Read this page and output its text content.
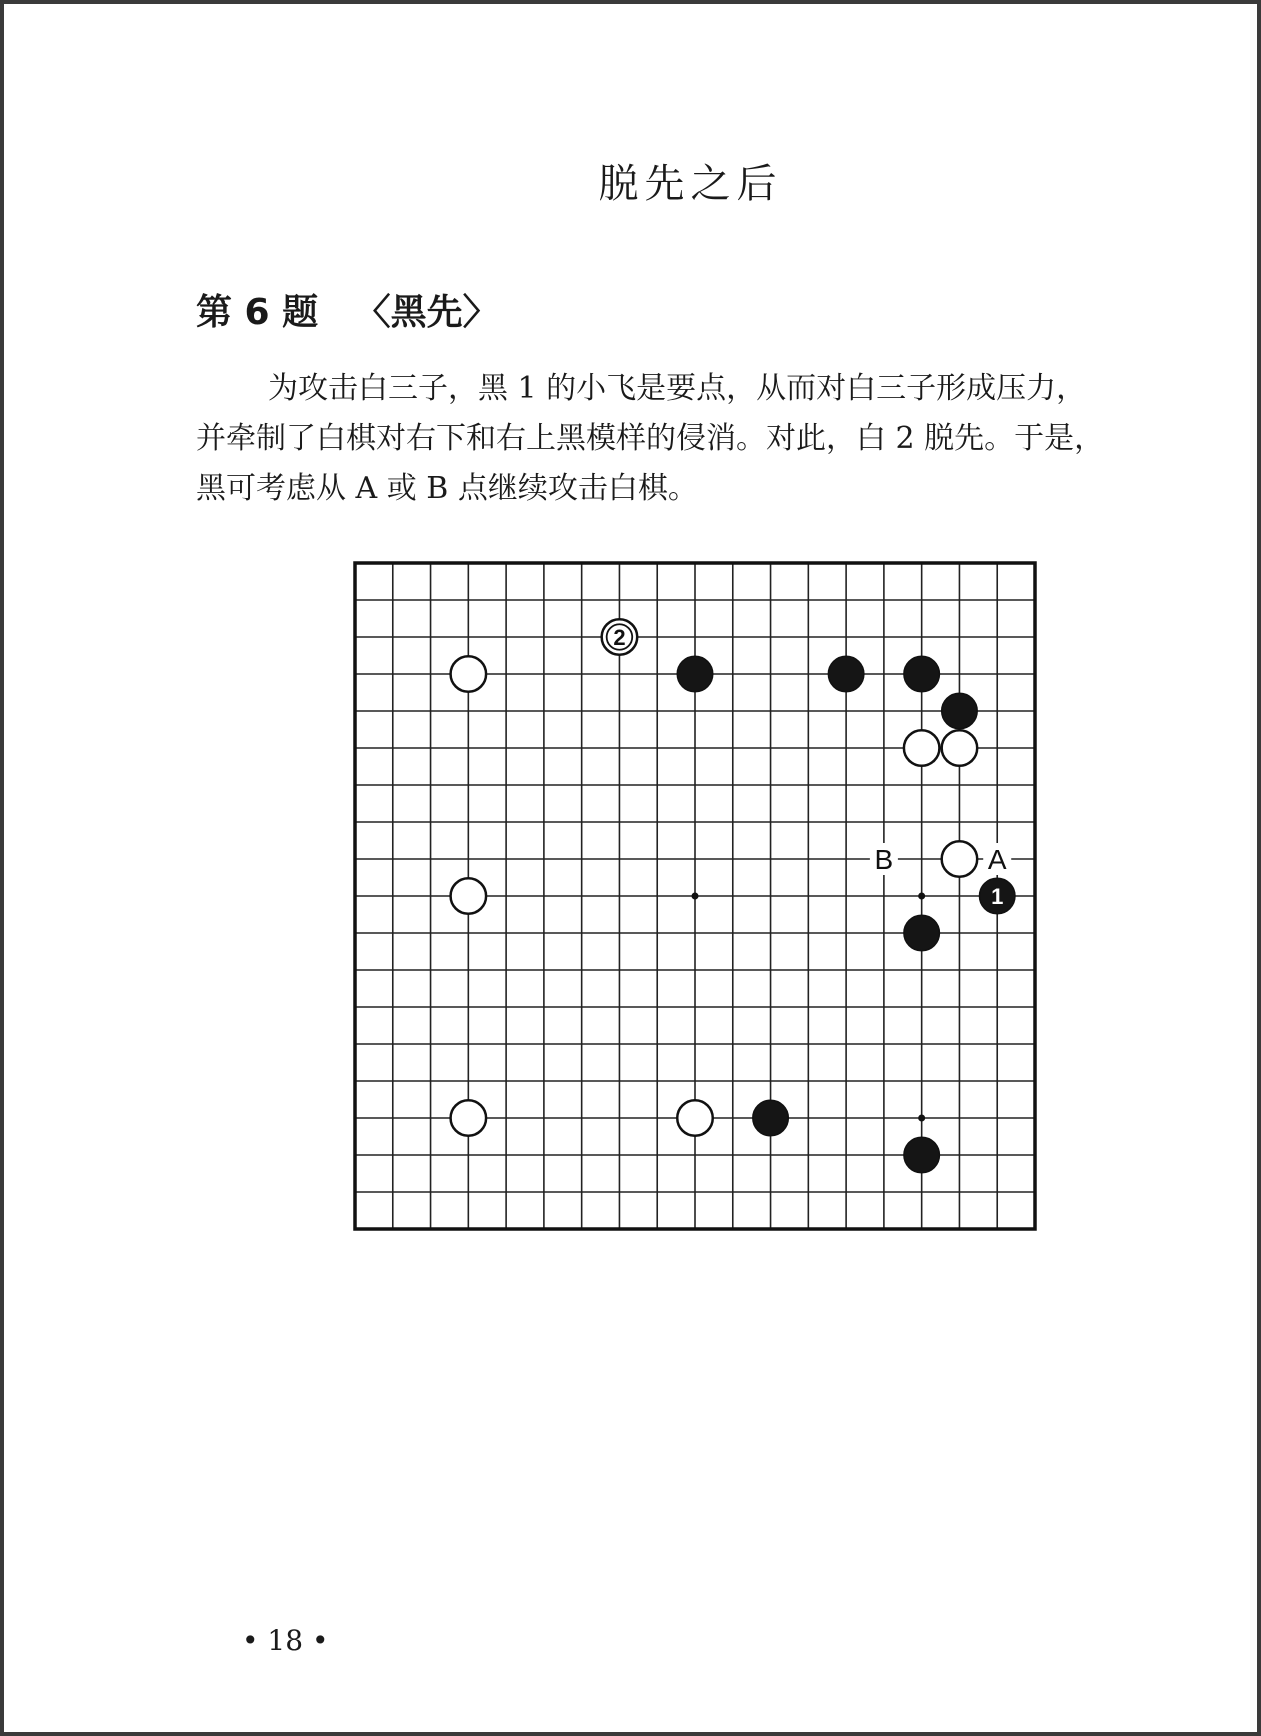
脱先之后
第 6 题 〈黑先〉
为攻击白三子，黑 1 的小飞是要点，从而对白三子形成压力，
并牵制了白棋对右下和右上黑模样的侵消。对此，白 2 脱先。于是，
黑可考虑从 A 或 B 点继续攻击白棋。
A
B
1
2
• 18 •
